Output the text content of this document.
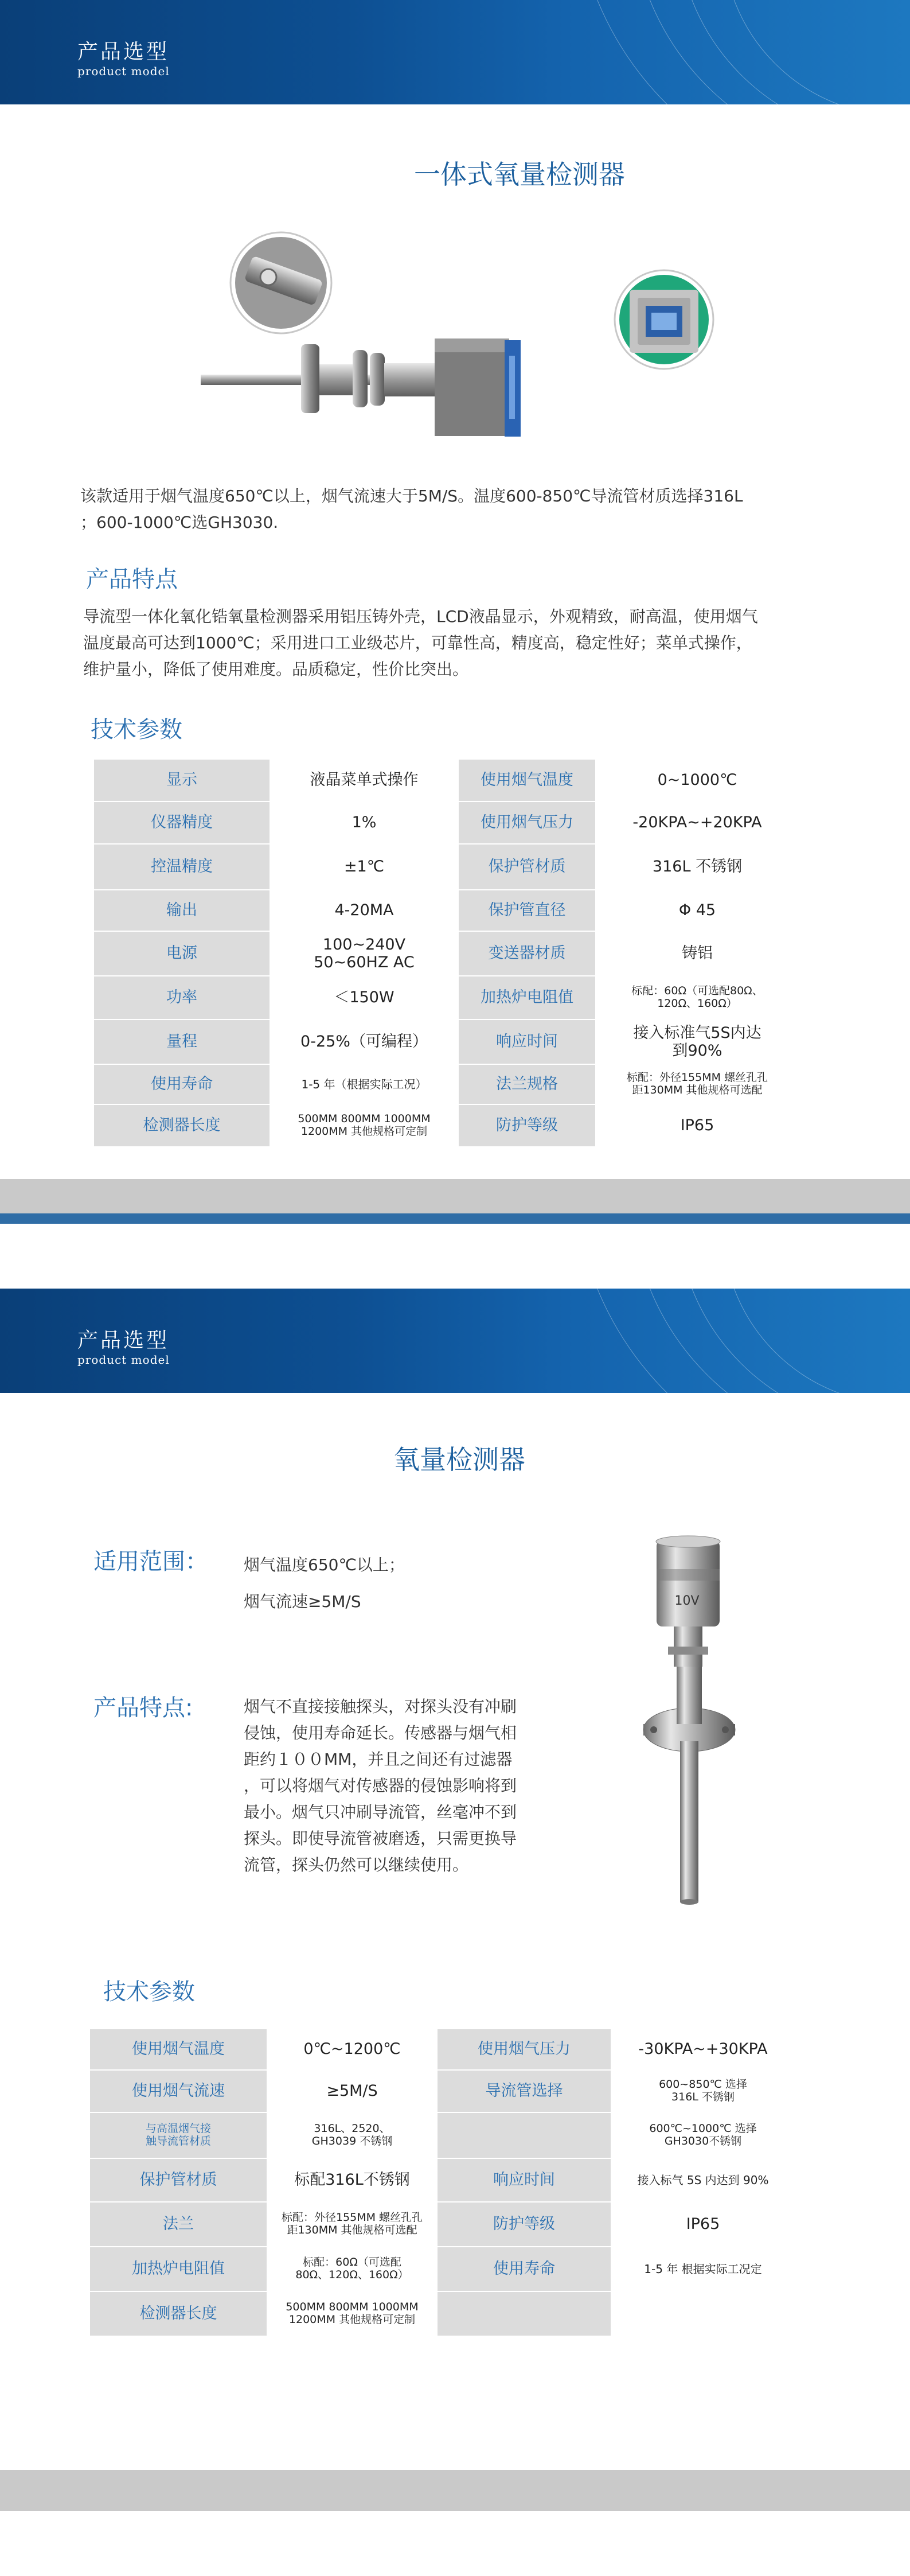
产品选型
product model
一体式氧量检测器
该款适用于烟气温度650℃以上，烟气流速大于5M/S。温度600-850℃导流管材质选择316L
；600-1000℃选GH3030.
产品特点
导流型一体化氧化锆氧量检测器采用铝压铸外壳，LCD液晶显示，外观精致，耐高温，使用烟气
温度最高可达到1000℃；采用进口工业级芯片，可靠性高，精度高，稳定性好；菜单式操作，
维护量小，降低了使用难度。品质稳定，性价比突出。
技术参数
显示	液晶菜单式操作	使用烟气温度	0~1000℃
仪器精度	1%	使用烟气压力	-20KPA~+20KPA
控温精度	±1℃	保护管材质	316L 不锈钢
输出	4-20MA	保护管直径	Φ 45
电源	100~240V
50~60HZ AC	变送器材质	铸铝
功率	＜150W	加热炉电阻值	标配：60Ω（可选配80Ω、
120Ω、160Ω）
量程	0-25%（可编程）	响应时间	接入标准气5S内达
到90%
使用寿命	1-5 年（根据实际工况）	法兰规格	标配：外径155MM 螺丝孔孔
距130MM 其他规格可选配
检测器长度	500MM 800MM 1000MM
1200MM 其他规格可定制	防护等级	IP65
产品选型
product model
氧量检测器
适用范围： 烟气温度650℃以上；
烟气流速≥5M/S
产品特点:	烟气不直接接触探头，对探头没有冲刷
侵蚀，使用寿命延长。传感器与烟气相
距约１００MM，并且之间还有过滤器
，可以将烟气对传感器的侵蚀影响将到
最小。烟气只冲刷导流管，丝毫冲不到
探头。即使导流管被磨透，只需更换导
流管，探头仍然可以继续使用。
10V
技术参数
使用烟气温度	0℃~1200℃	使用烟气压力	-30KPA~+30KPA
使用烟气流速	≥5M/S	导流管选择	600~850℃ 选择
316L 不锈钢
与高温烟气接
触导流管材质	316L、2520、
GH3039 不锈钢		600℃~1000℃ 选择
GH3030不锈钢
保护管材质	标配316L不锈钢	响应时间	接入标气 5S 内达到 90%
法兰	标配：外径155MM 螺丝孔孔
距130MM 其他规格可选配	防护等级	IP65
加热炉电阻值	标配：60Ω（可选配
80Ω、120Ω、160Ω）	使用寿命	1-5 年 根据实际工况定
检测器长度	500MM 800MM 1000MM
1200MM 其他规格可定制		
